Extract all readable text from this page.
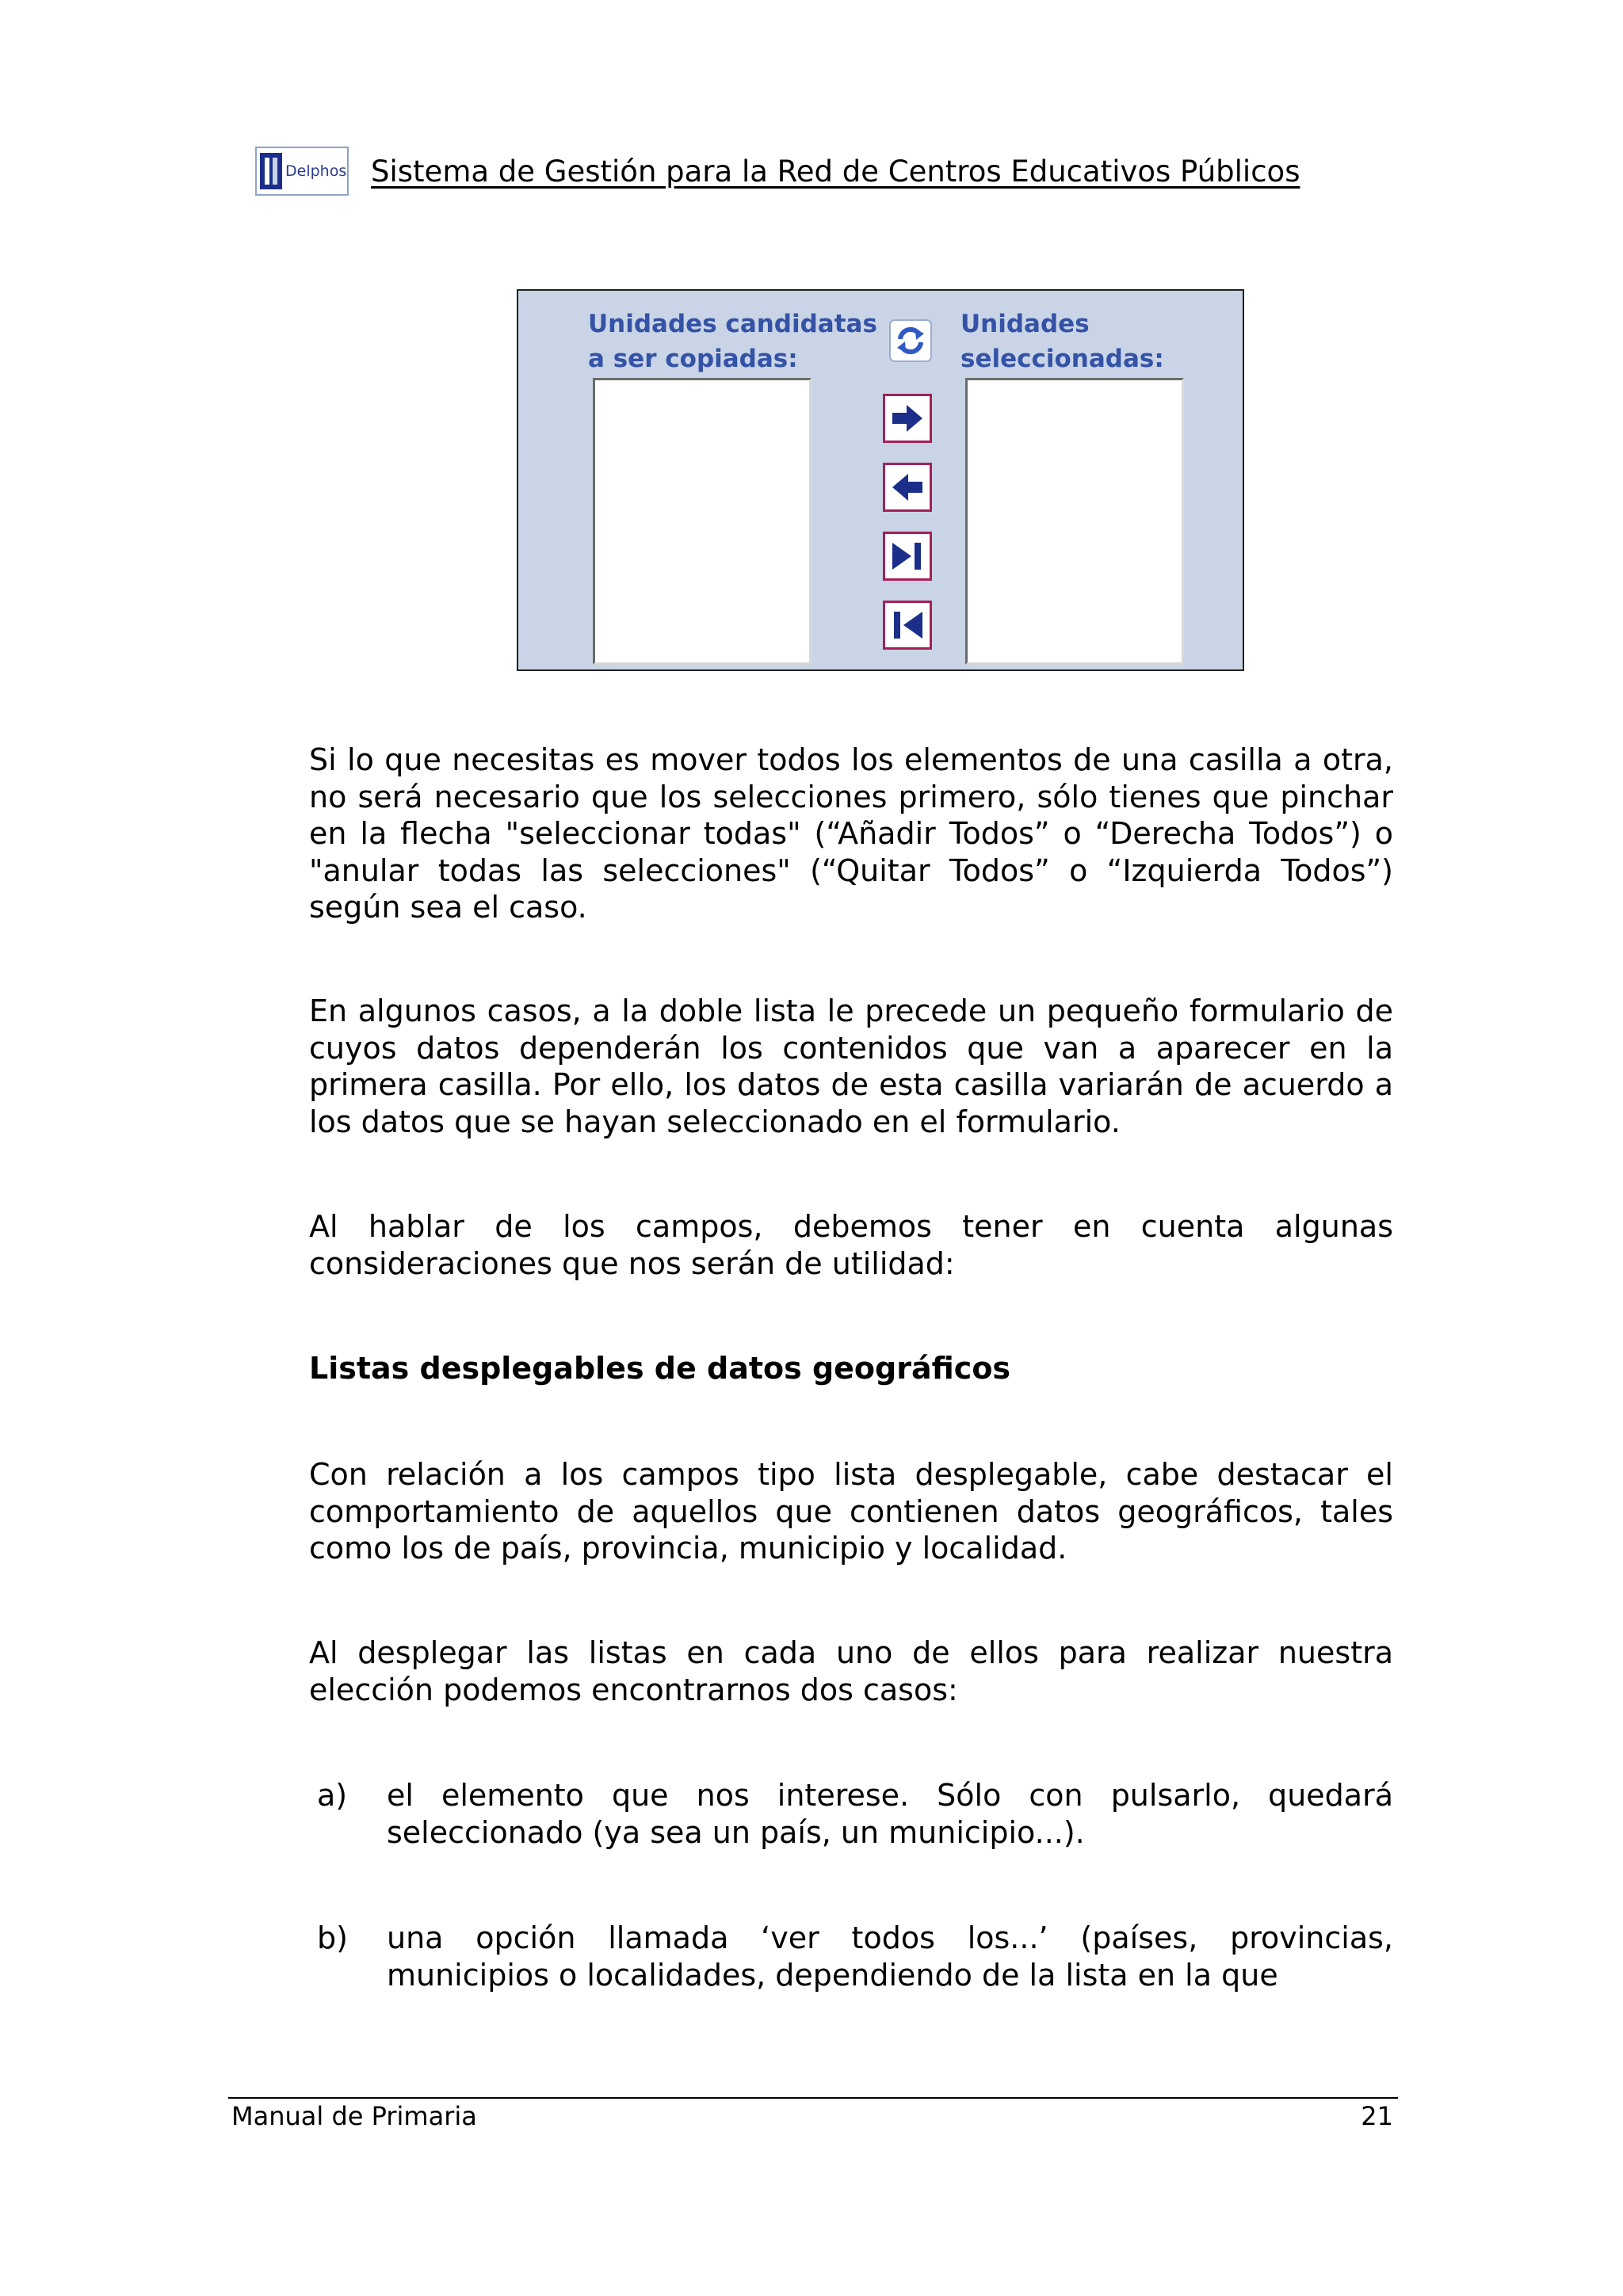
Delphos Sistema de Gestión para la Red de Centros Educativos Públicos
Unidades candidatas
a ser copiadas:
Unidades
seleccionadas:

Si lo que necesitas es mover todos los elementos de una casilla a otra, no será necesario que los selecciones primero, sólo tienes que pinchar en la flecha "seleccionar todas" (“Añadir Todos” o “Derecha Todos”) o "anular todas las selecciones" (“Quitar Todos” o “Izquierda Todos”) según sea el caso.

En algunos casos, a la doble lista le precede un pequeño formulario de cuyos datos dependerán los contenidos que van a aparecer en la primera casilla. Por ello, los datos de esta casilla variarán de acuerdo a los datos que se hayan seleccionado en el formulario.

Al hablar de los campos, debemos tener en cuenta algunas consideraciones que nos serán de utilidad:

Listas desplegables de datos geográficos

Con relación a los campos tipo lista desplegable, cabe destacar el comportamiento de aquellos que contienen datos geográficos, tales como los de país, provincia, municipio y localidad.

Al desplegar las listas en cada uno de ellos para realizar nuestra elección podemos encontrarnos dos casos:

a) el elemento que nos interese. Sólo con pulsarlo, quedará seleccionado (ya sea un país, un municipio...).
b) una opción llamada ‘ver todos los...’ (países, provincias, municipios o localidades, dependiendo de la lista en la que
Manual de Primaria	21
